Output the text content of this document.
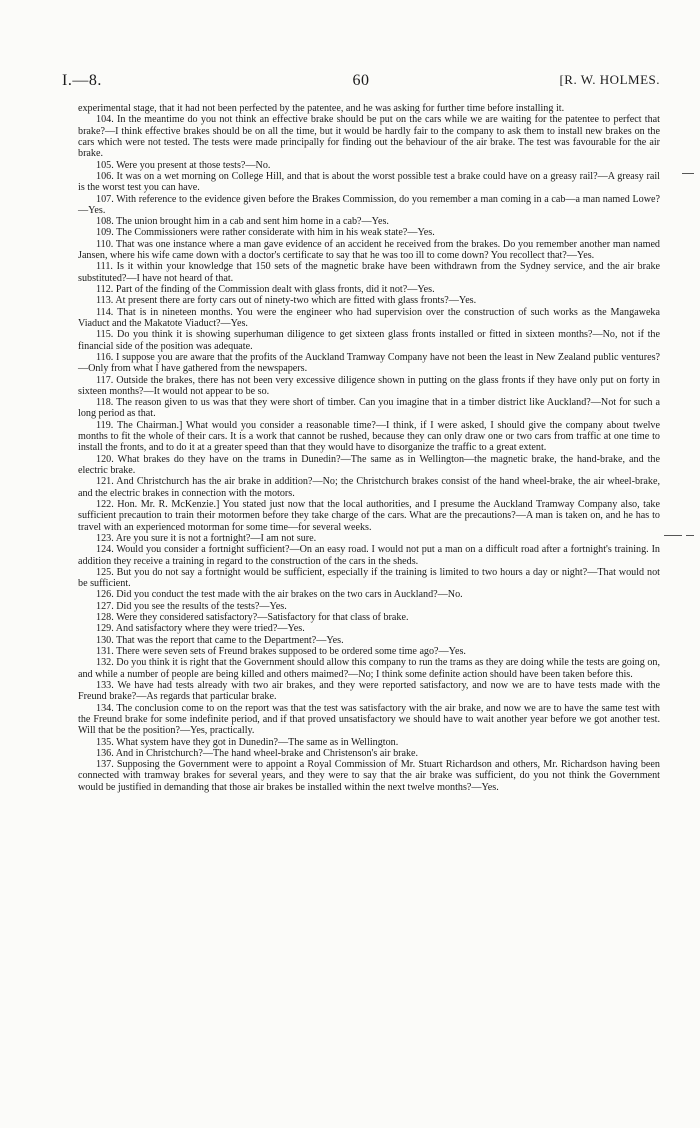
I.—8.	60	[R. W. HOLMES.

experimental stage, that it had not been perfected by the patentee, and he was asking for further time before installing it.

104. In the meantime do you not think an effective brake should be put on the cars while we are waiting for the patentee to perfect that brake?—I think effective brakes should be on all the time, but it would be hardly fair to the company to ask them to install new brakes on the cars which were not tested. The tests were made principally for finding out the behaviour of the air brake. The test was favourable for the air brake.

105. Were you present at those tests?—No.

106. It was on a wet morning on College Hill, and that is about the worst possible test a brake could have on a greasy rail?—A greasy rail is the worst test you can have.

107. With reference to the evidence given before the Brakes Commission, do you remember a man coming in a cab—a man named Lowe?—Yes.

108. The union brought him in a cab and sent him home in a cab?—Yes.

109. The Commissioners were rather considerate with him in his weak state?—Yes.

110. That was one instance where a man gave evidence of an accident he received from the brakes. Do you remember another man named Jansen, where his wife came down with a doctor's certificate to say that he was too ill to come down? You recollect that?—Yes.

111. Is it within your knowledge that 150 sets of the magnetic brake have been withdrawn from the Sydney service, and the air brake substituted?—I have not heard of that.

112. Part of the finding of the Commission dealt with glass fronts, did it not?—Yes.

113. At present there are forty cars out of ninety-two which are fitted with glass fronts?—Yes.

114. That is in nineteen months. You were the engineer who had supervision over the construction of such works as the Mangaweka Viaduct and the Makatote Viaduct?—Yes.

115. Do you think it is showing superhuman diligence to get sixteen glass fronts installed or fitted in sixteen months?—No, not if the financial side of the position was adequate.

116. I suppose you are aware that the profits of the Auckland Tramway Company have not been the least in New Zealand public ventures?—Only from what I have gathered from the newspapers.

117. Outside the brakes, there has not been very excessive diligence shown in putting on the glass fronts if they have only put on forty in sixteen months?—It would not appear to be so.

118. The reason given to us was that they were short of timber. Can you imagine that in a timber district like Auckland?—Not for such a long period as that.

119. The Chairman.] What would you consider a reasonable time?—I think, if I were asked, I should give the company about twelve months to fit the whole of their cars. It is a work that cannot be rushed, because they can only draw one or two cars from traffic at one time to install the fronts, and to do it at a greater speed than that they would have to disorganize the traffic to a great extent.

120. What brakes do they have on the trams in Dunedin?—The same as in Wellington—the magnetic brake, the hand-brake, and the electric brake.

121. And Christchurch has the air brake in addition?—No; the Christchurch brakes consist of the hand wheel-brake, the air wheel-brake, and the electric brakes in connection with the motors.

122. Hon. Mr. R. McKenzie.] You stated just now that the local authorities, and I presume the Auckland Tramway Company also, take sufficient precaution to train their motormen before they take charge of the cars. What are the precautions?—A man is taken on, and he has to travel with an experienced motorman for some time—for several weeks.

123. Are you sure it is not a fortnight?—I am not sure.

124. Would you consider a fortnight sufficient?—On an easy road. I would not put a man on a difficult road after a fortnight's training. In addition they receive a training in regard to the construction of the cars in the sheds.

125. But you do not say a fortnight would be sufficient, especially if the training is limited to two hours a day or night?—That would not be sufficient.

126. Did you conduct the test made with the air brakes on the two cars in Auckland?—No.

127. Did you see the results of the tests?—Yes.

128. Were they considered satisfactory?—Satisfactory for that class of brake.

129. And satisfactory where they were tried?—Yes.

130. That was the report that came to the Department?—Yes.

131. There were seven sets of Freund brakes supposed to be ordered some time ago?—Yes.

132. Do you think it is right that the Government should allow this company to run the trams as they are doing while the tests are going on, and while a number of people are being killed and others maimed?—No; I think some definite action should have been taken before this.

133. We have had tests already with two air brakes, and they were reported satisfactory, and now we are to have tests made with the Freund brake?—As regards that particular brake.

134. The conclusion come to on the report was that the test was satisfactory with the air brake, and now we are to have the same test with the Freund brake for some indefinite period, and if that proved unsatisfactory we should have to wait another year before we got another test. Will that be the position?—Yes, practically.

135. What system have they got in Dunedin?—The same as in Wellington.

136. And in Christchurch?—The hand wheel-brake and Christenson's air brake.

137. Supposing the Government were to appoint a Royal Commission of Mr. Stuart Richardson and others, Mr. Richardson having been connected with tramway brakes for several years, and they were to say that the air brake was sufficient, do you not think the Government would be justified in demanding that those air brakes be installed within the next twelve months?—Yes.
